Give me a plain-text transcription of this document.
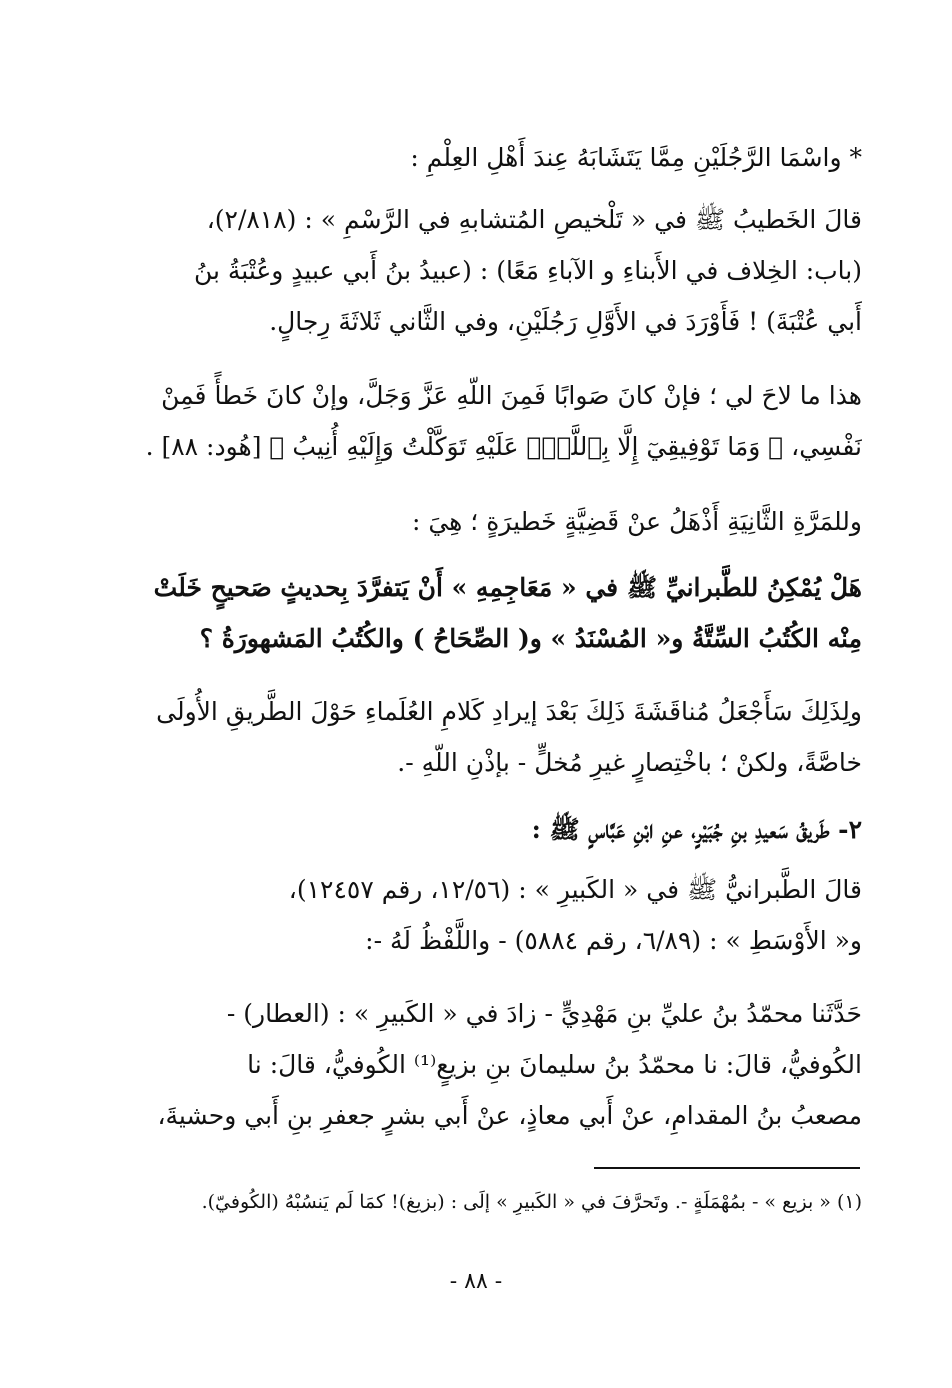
* واسْمَا الرَّجُلَيْنِ مِمَّا يَتَشَابَهُ عِندَ أَهْلِ العِلْمِ :
قالَ الخَطيبُ ﷺ في « تَلْخيصِ المُتشابهِ في الرَّسْمِ » : (٢/٨١٨)،
(باب: الخِلاف في الأَبناءِ و الآباءِ مَعًا) : (عبيدُ بنُ أَبي عبيدٍ وعُتْبَةُ بنُ
أَبي عُتْبَةَ) ! فَأَوْرَدَ في الأَوَّلِ رَجُلَيْنِ، وفي الثَّاني ثَلاثَةَ رِجالٍ.
هذا ما لاحَ لي ؛ فإنْ كانَ صَوابًا فَمِنَ اللّهِ عَزَّ وَجَلَّ، وإنْ كانَ خَطأً فَمِنْ
نَفْسِي، ﴿ وَمَا تَوْفِيقِيٓ إِلَّا بِٱللَّهِۚ عَلَيْهِ تَوَكَّلْتُ وَإِلَيْهِ أُنِيبُ ﴾ [هُود: ٨٨] .
وللمَرَّةِ الثَّانِيَةِ أَذْهَلُ عنْ قَضِيَّةٍ خَطيرَةٍ ؛ هِيَ :
هَلْ يُمْكِنُ للطَّبرانيِّ ﷺ في « مَعَاجِمِهِ » أَنْ يَتفرَّدَ بِحديثٍ صَحيحٍ خَلَتْ
مِنْه الكُتُبُ السِّتَّةُ و« المُسْنَدُ » و( الصِّحَاحُ ) والكُتُبُ المَشهورَةُ ؟
ولِذَلِكَ سَأَجْعَلُ مُناقَشَةَ ذَلِكَ بَعْدَ إيرادِ كَلامِ العُلَماءِ حَوْلَ الطَّريقِ الأُولَى
خاصَّةً، ولكنْ ؛ باخْتِصارٍ غيرِ مُخلٍّ - بإذْنِ اللّهِ -.
٢- طَريقُ سَعيدِ بنِ جُبَيْرٍ، عنِ ابْنِ عَبَّاسٍ ﷺ :
قالَ الطَّبرانيُّ ﷺ في « الكَبيرِ » : (١٢/٥٦، رقم ١٢٤٥٧)،
و« الأَوْسَطِ » : (٦/٨٩، رقم ٥٨٨٤) - واللَّفْظُ لَهُ -:
حَدَّثَنا محمّدُ بنُ عليِّ بنِ مَهْدِيٍّ - زادَ في « الكَبيرِ » : (العطار) -
الكُوفيُّ، قالَ: نا محمّدُ بنُ سليمانَ بنِ بزيعٍ⁽¹⁾ الكُوفيُّ، قالَ: نا
مصعبُ بنُ المقدامِ، عنْ أَبي معاذٍ، عنْ أَبي بشرٍ جعفرِ بنِ أَبي وحشيةَ،
(١) « بزيع » - بمُهْمَلَةٍ -. وتَحرَّفَ في « الكَبيرِ » إلَى : (بزيغ)! كمَا لَم يَنسُبْهُ (الكُوفيّ).
- ٨٨ -
